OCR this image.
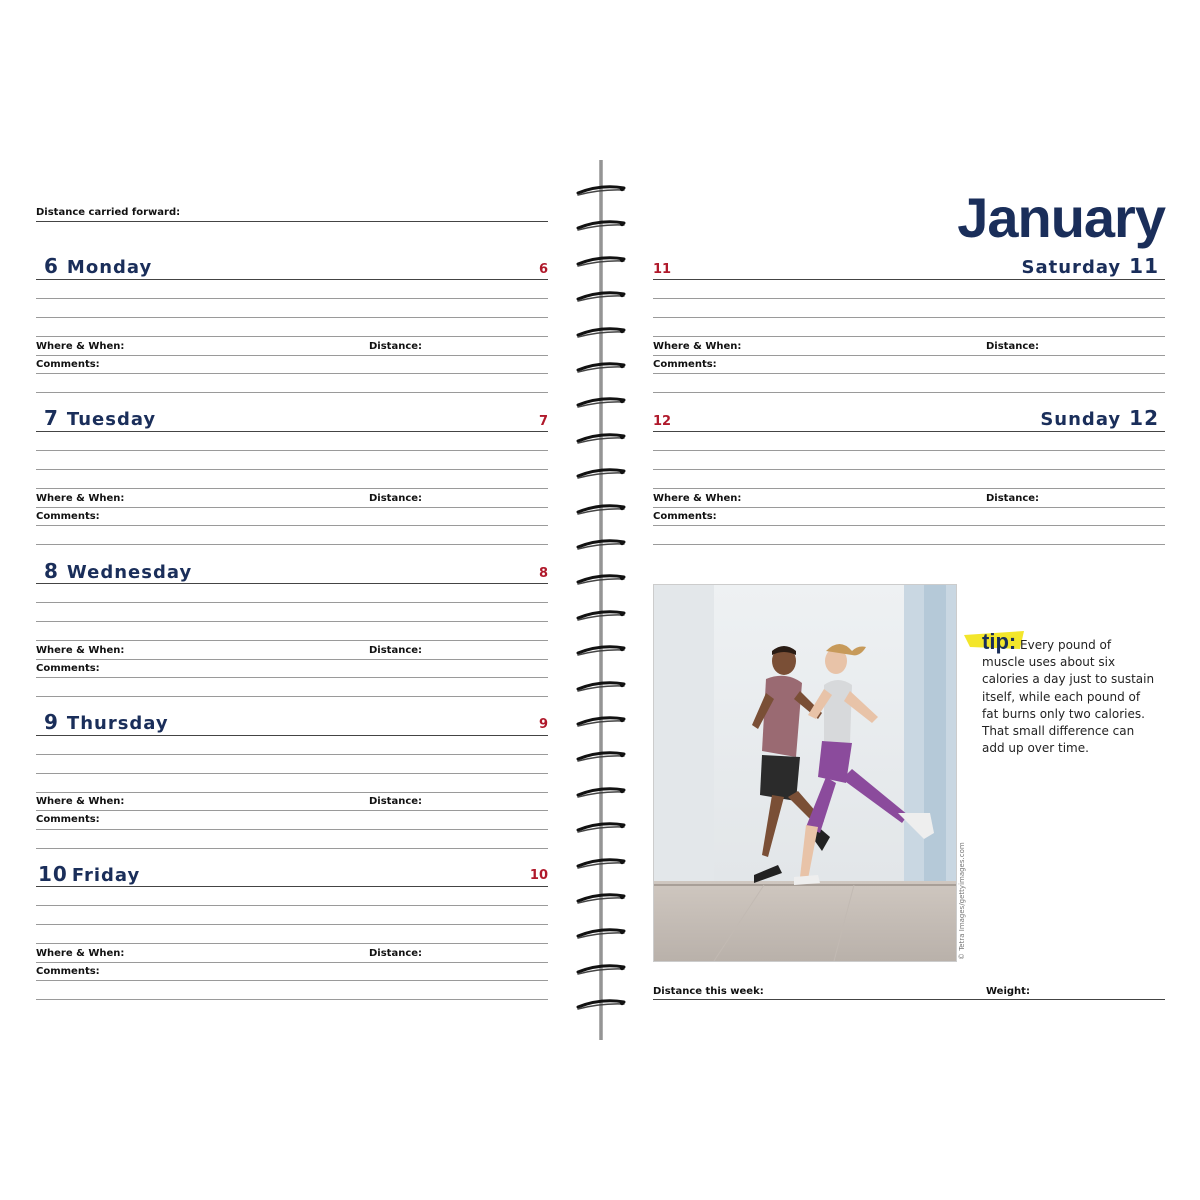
Distance carried forward:
6 Monday	6
Where & When:	Distance:
Comments:
7 Tuesday	7
Where & When:	Distance:
Comments:
8 Wednesday	8
Where & When:	Distance:
Comments:
9 Thursday	9
Where & When:	Distance:
Comments:
10 Friday	10
Where & When:	Distance:
Comments:
January
11	Saturday 11
Where & When:	Distance:
Comments:
12	Sunday 12
Where & When:	Distance:
Comments:
Distance this week:	Weight:
© Tetra Images/gettyimages.com
tip: Every pound of muscle uses about six calories a day just to sustain itself, while each pound of fat burns only two calories. That small difference can add up over time.
